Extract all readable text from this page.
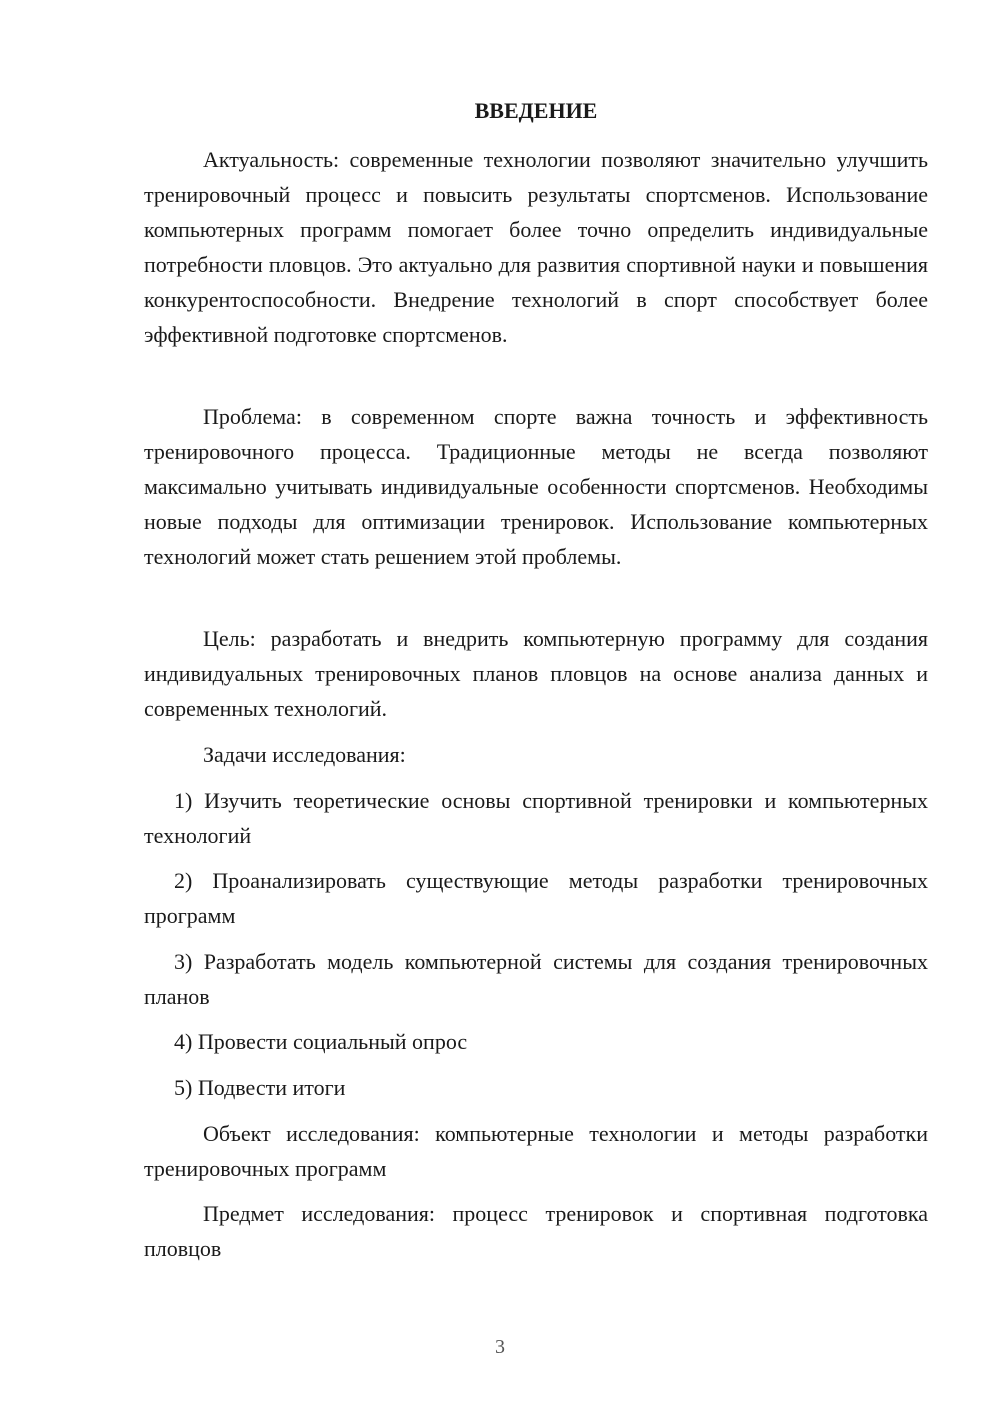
ВВЕДЕНИЕ

Актуальность: современные технологии позволяют значительно улучшить тренировочный процесс и повысить результаты спортсменов. Использование компьютерных программ помогает более точно определить индивидуальные потребности пловцов. Это актуально для развития спортивной науки и повышения конкурентоспособности. Внедрение технологий в спорт способствует более эффективной подготовке спортсменов.

Проблема: в современном спорте важна точность и эффективность тренировочного процесса. Традиционные методы не всегда позволяют максимально учитывать индивидуальные особенности спортсменов. Необходимы новые подходы для оптимизации тренировок. Использование компьютерных технологий может стать решением этой проблемы.

Цель: разработать и внедрить компьютерную программу для создания индивидуальных тренировочных планов пловцов на основе анализа данных и современных технологий.

Задачи исследования:

1) Изучить теоретические основы спортивной тренировки и компьютерных технологий

2) Проанализировать существующие методы разработки тренировочных программ

3) Разработать модель компьютерной системы для создания тренировочных планов

4) Провести социальный опрос

5) Подвести итоги

Объект исследования: компьютерные технологии и методы разработки тренировочных программ

Предмет исследования: процесс тренировок и спортивная подготовка пловцов

3
